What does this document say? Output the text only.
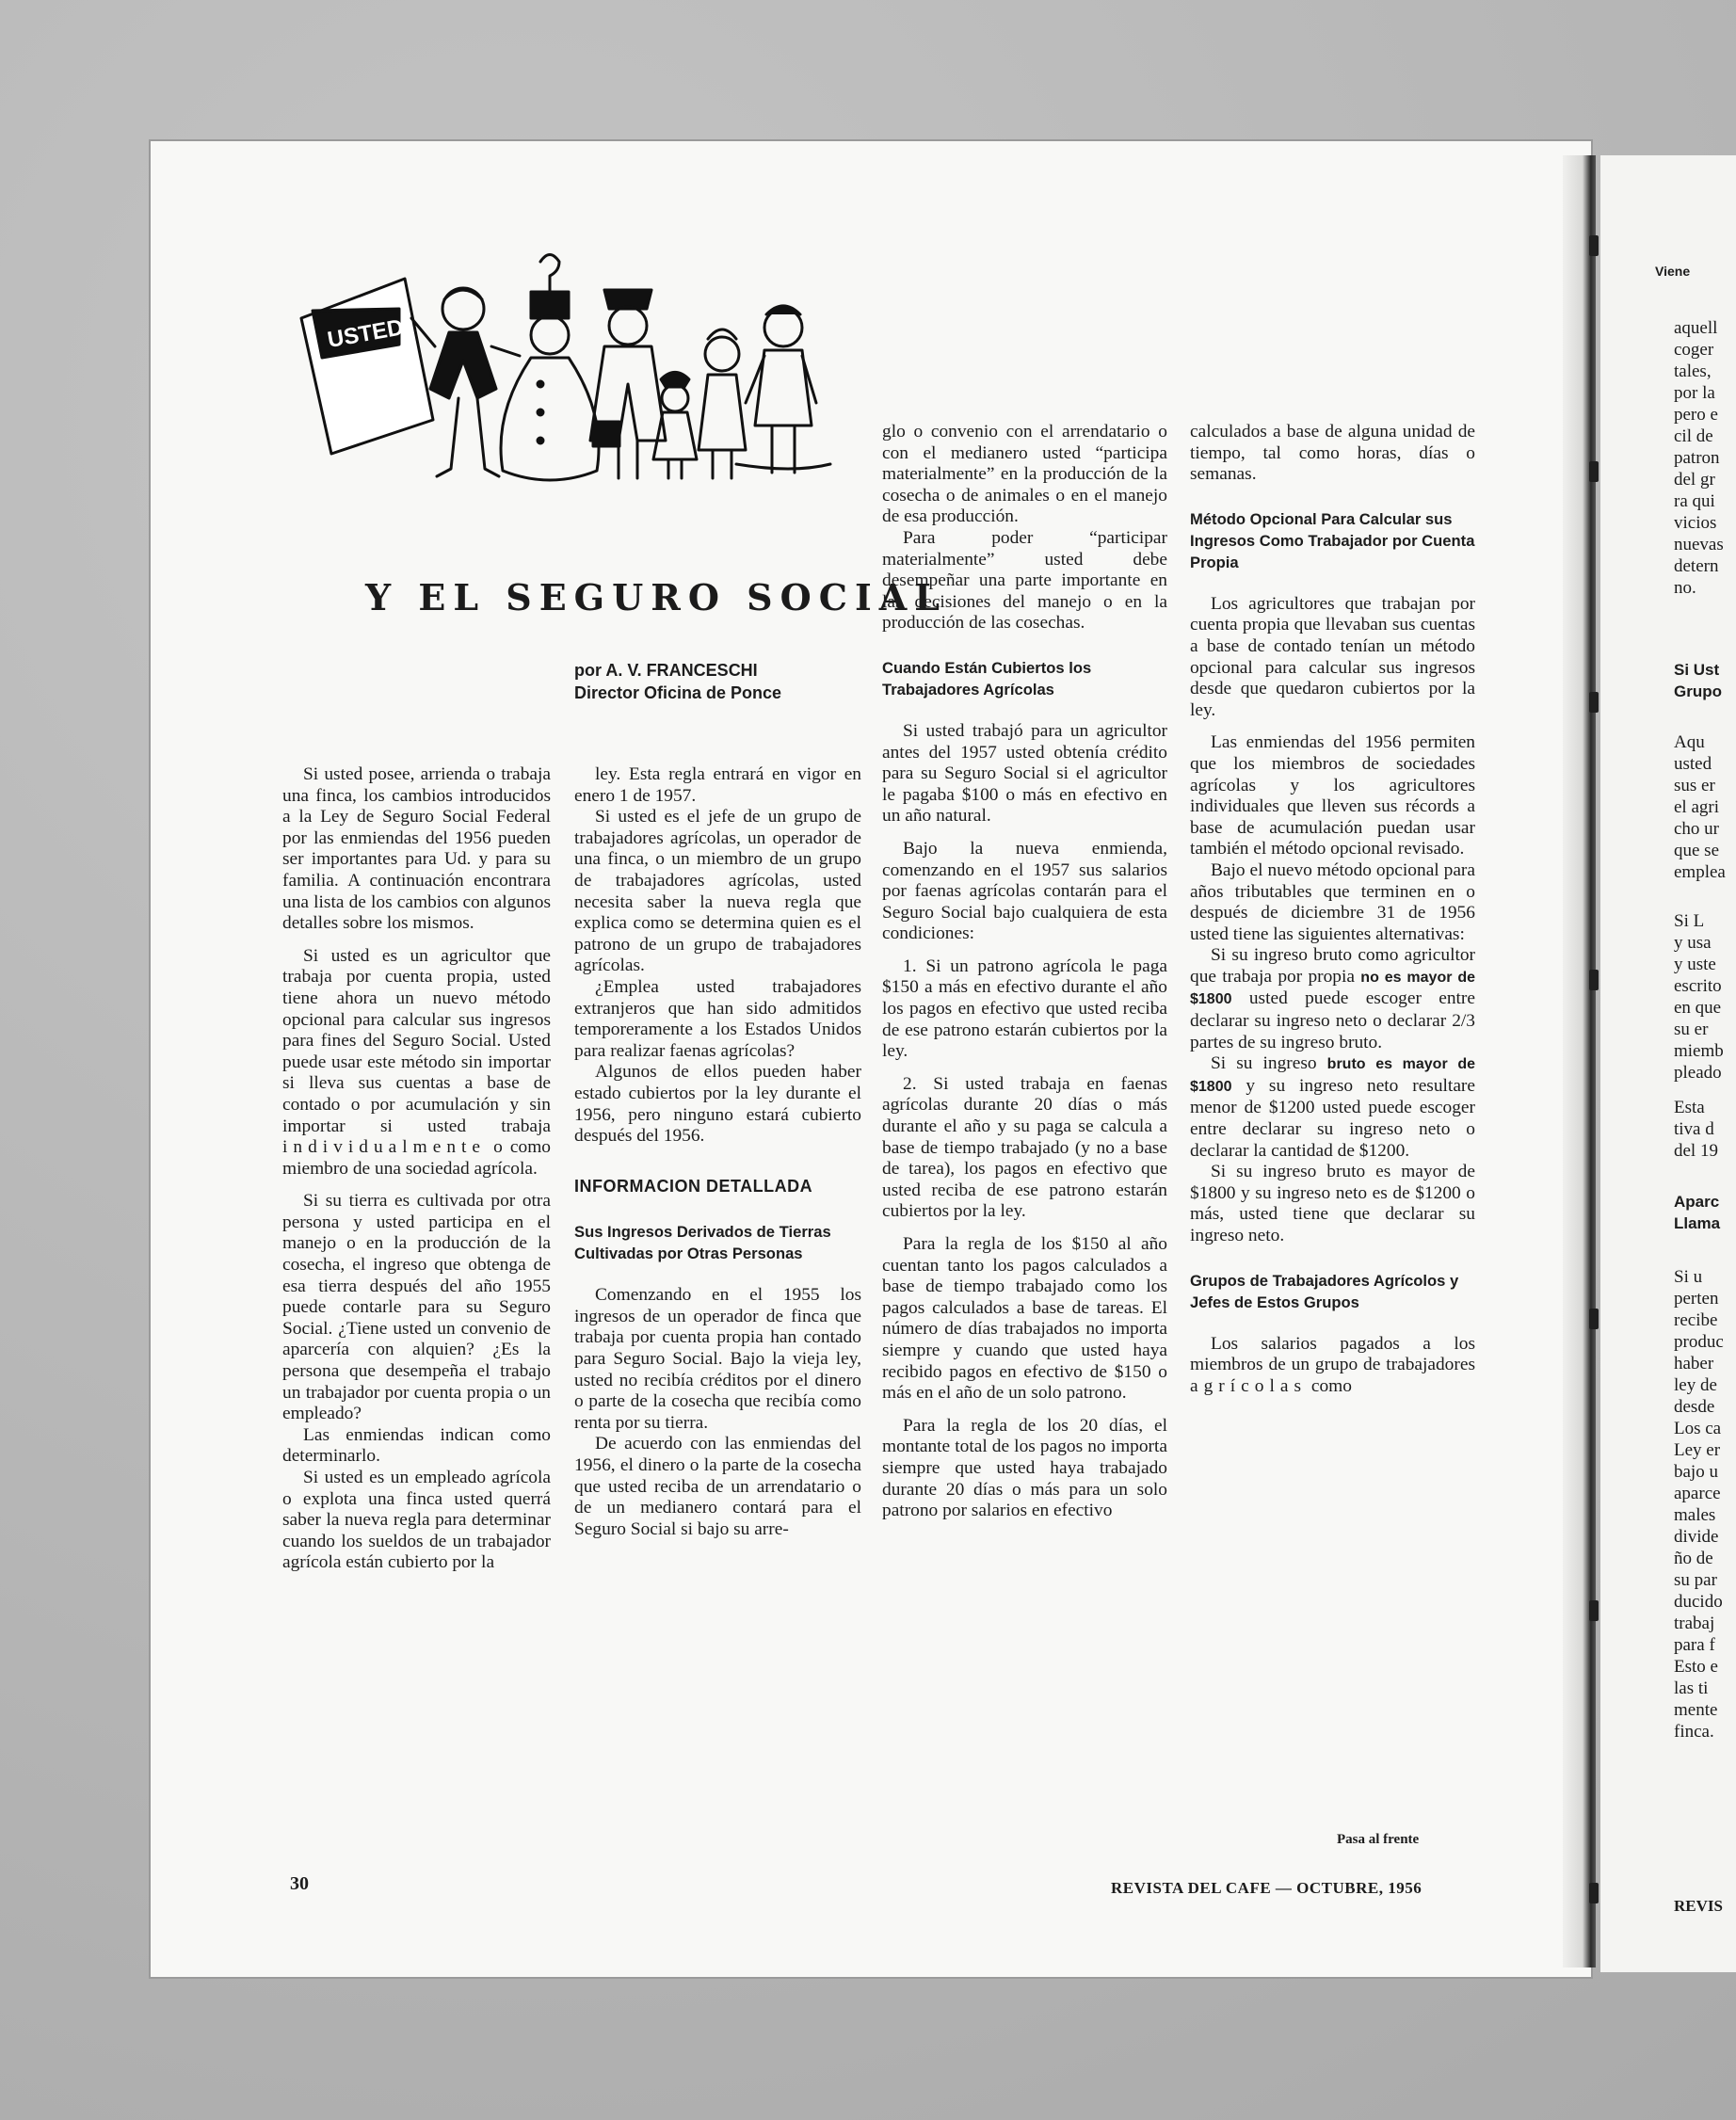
USTED
Y EL SEGURO SOCIAL
por A. V. FRANCESCHI
Director Oficina de Ponce

Si usted posee, arrienda o trabaja una finca, los cambios introducidos a la Ley de Seguro Social Federal por las enmiendas del 1956 pueden ser importantes para Ud. y para su familia. A continuación encontrara una lista de los cambios con algunos detalles sobre los mismos.

Si usted es un agricultor que trabaja por cuenta propia, usted tiene ahora un nuevo método opcional para calcular sus ingresos para fines del Seguro Social. Usted puede usar este método sin importar si lleva sus cuentas a base de contado o por acumulación y sin importar si usted trabaja individualmente o como miembro de una sociedad agrícola.

Si su tierra es cultivada por otra persona y usted participa en el manejo o en la producción de la cosecha, el ingreso que obtenga de esa tierra después del año 1955 puede contarle para su Seguro Social. ¿Tiene usted un convenio de aparcería con alquien? ¿Es la persona que desempeña el trabajo un trabajador por cuenta propia o un empleado?

Las enmiendas indican como determinarlo.

Si usted es un empleado agrícola o explota una finca usted querrá saber la nueva regla para determinar cuando los sueldos de un trabajador agrícola están cubierto por la

ley. Esta regla entrará en vigor en enero 1 de 1957.

Si usted es el jefe de un grupo de trabajadores agrícolas, un operador de una finca, o un miembro de un grupo de trabajadores agrícolas, usted necesita saber la nueva regla que explica como se determina quien es el patrono de un grupo de trabajadores agrícolas.

¿Emplea usted trabajadores extranjeros que han sido admitidos temporeramente a los Estados Unidos para realizar faenas agrícolas?

Algunos de ellos pueden haber estado cubiertos por la ley durante el 1956, pero ninguno estará cubierto después del 1956.

INFORMACION DETALLADA
Sus Ingresos Derivados de Tierras Cultivadas por Otras Personas

Comenzando en el 1955 los ingresos de un operador de finca que trabaja por cuenta propia han contado para Seguro Social. Bajo la vieja ley, usted no recibía créditos por el dinero o parte de la cosecha que recibía como renta por su tierra.

De acuerdo con las enmiendas del 1956, el dinero o la parte de la cosecha que usted reciba de un arrendatario o de un medianero contará para el Seguro Social si bajo su arre-

glo o convenio con el arrendatario o con el medianero usted “participa materialmente” en la producción de la cosecha o de animales o en el manejo de esa producción.

Para poder “participar materialmente” usted debe desempeñar una parte importante en las decisiones del manejo o en la producción de las cosechas.

Cuando Están Cubiertos los Trabajadores Agrícolas

Si usted trabajó para un agricultor antes del 1957 usted obtenía crédito para su Seguro Social si el agricultor le pagaba $100 o más en efectivo en un año natural.

Bajo la nueva enmienda, comenzando en el 1957 sus salarios por faenas agrícolas contarán para el Seguro Social bajo cualquiera de esta condiciones:

1. Si un patrono agrícola le paga $150 a más en efectivo durante el año los pagos en efectivo que usted reciba de ese patrono estarán cubiertos por la ley.

2. Si usted trabaja en faenas agrícolas durante 20 días o más durante el año y su paga se calcula a base de tiempo trabajado (y no a base de tarea), los pagos en efectivo que usted reciba de ese patrono estarán cubiertos por la ley.

Para la regla de los $150 al año cuentan tanto los pagos calculados a base de tiempo trabajado como los pagos calculados a base de tareas. El número de días trabajados no importa siempre y cuando que usted haya recibido pagos en efectivo de $150 o más en el año de un solo patrono.

Para la regla de los 20 días, el montante total de los pagos no importa siempre que usted haya trabajado durante 20 días o más para un solo patrono por salarios en efectivo

calculados a base de alguna unidad de tiempo, tal como horas, días o semanas.

Método Opcional Para Calcular sus Ingresos Como Trabajador por Cuenta Propia

Los agricultores que trabajan por cuenta propia que llevaban sus cuentas a base de contado tenían un método opcional para calcular sus ingresos desde que quedaron cubiertos por la ley.

Las enmiendas del 1956 permiten que los miembros de sociedades agrícolas y los agricultores individuales que lleven sus récords a base de acumulación puedan usar también el método opcional revisado.

Bajo el nuevo método opcional para años tributables que terminen en o después de diciembre 31 de 1956 usted tiene las siguientes alternativas:

Si su ingreso bruto como agricultor que trabaja por propia no es mayor de $1800 usted puede escoger entre declarar su ingreso neto o declarar 2/3 partes de su ingreso bruto.

Si su ingreso bruto es mayor de $1800 y su ingreso neto resultare menor de $1200 usted puede escoger entre declarar su ingreso neto o declarar la cantidad de $1200.

Si su ingreso bruto es mayor de $1800 y su ingreso neto es de $1200 o más, usted tiene que declarar su ingreso neto.

Grupos de Trabajadores Agrícolos y Jefes de Estos Grupos

Los salarios pagados a los miembros de un grupo de trabajadores agrícolas como

Pasa al frente
30	REVISTA DEL CAFE — OCTUBRE, 1956
Viene
aquell
coger
tales,
por la
pero e
cil de
patron
del gr
ra qui
vicios
nuevas
detern
no.
Si Ust
Grupo
Aqu
usted
sus er
el agri
cho ur
que se
emplea
Si L
y usa
y uste
escrito
en que
su er
miemb
pleado
Esta
tiva d
del 19
Aparc
Llama
Si u
perten
recibe
produc
haber
ley de
desde
Los ca
Ley er
bajo u
aparce
males
divide
ño de
su par
ducido
trabaj
para f
Esto e
las ti
mente
finca.
REVIS
